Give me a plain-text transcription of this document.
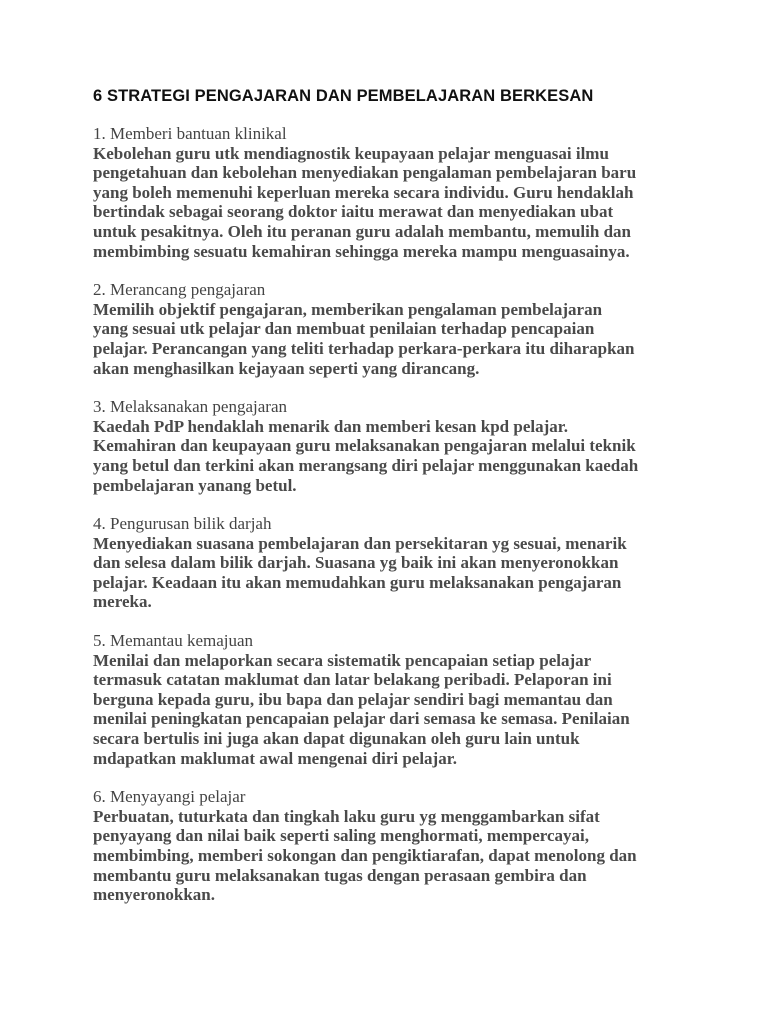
6 STRATEGI PENGAJARAN DAN PEMBELAJARAN BERKESAN

1. Memberi bantuan klinikal

Kebolehan guru utk mendiagnostik keupayaan pelajar menguasai ilmu
pengetahuan dan kebolehan menyediakan pengalaman pembelajaran baru
yang boleh memenuhi keperluan mereka secara individu. Guru hendaklah
bertindak sebagai seorang doktor iaitu merawat dan menyediakan ubat
untuk pesakitnya. Oleh itu peranan guru adalah membantu, memulih dan
membimbing sesuatu kemahiran sehingga mereka mampu menguasainya.

2. Merancang pengajaran

Memilih objektif pengajaran, memberikan pengalaman pembelajaran
yang sesuai utk pelajar dan membuat penilaian terhadap pencapaian
pelajar. Perancangan yang teliti terhadap perkara-perkara itu diharapkan
akan menghasilkan kejayaan seperti yang dirancang.

3. Melaksanakan pengajaran

Kaedah PdP hendaklah menarik dan memberi kesan kpd pelajar.
Kemahiran dan keupayaan guru melaksanakan pengajaran melalui teknik
yang betul dan terkini akan merangsang diri pelajar menggunakan kaedah
pembelajaran yanang betul.

4. Pengurusan bilik darjah

Menyediakan suasana pembelajaran dan persekitaran yg sesuai, menarik
dan selesa dalam bilik darjah. Suasana yg baik ini akan menyeronokkan
pelajar. Keadaan itu akan memudahkan guru melaksanakan pengajaran
mereka.

5. Memantau kemajuan

Menilai dan melaporkan secara sistematik pencapaian setiap pelajar
termasuk catatan maklumat dan latar belakang peribadi. Pelaporan ini
berguna kepada guru, ibu bapa dan pelajar sendiri bagi memantau dan
menilai peningkatan pencapaian pelajar dari semasa ke semasa. Penilaian
secara bertulis ini juga akan dapat digunakan oleh guru lain untuk
mdapatkan maklumat awal mengenai diri pelajar.

6. Menyayangi pelajar

Perbuatan, tuturkata dan tingkah laku guru yg menggambarkan sifat
penyayang dan nilai baik seperti saling menghormati, mempercayai,
membimbing, memberi sokongan dan pengiktiarafan, dapat menolong dan
membantu guru melaksanakan tugas dengan perasaan gembira dan
menyeronokkan.
